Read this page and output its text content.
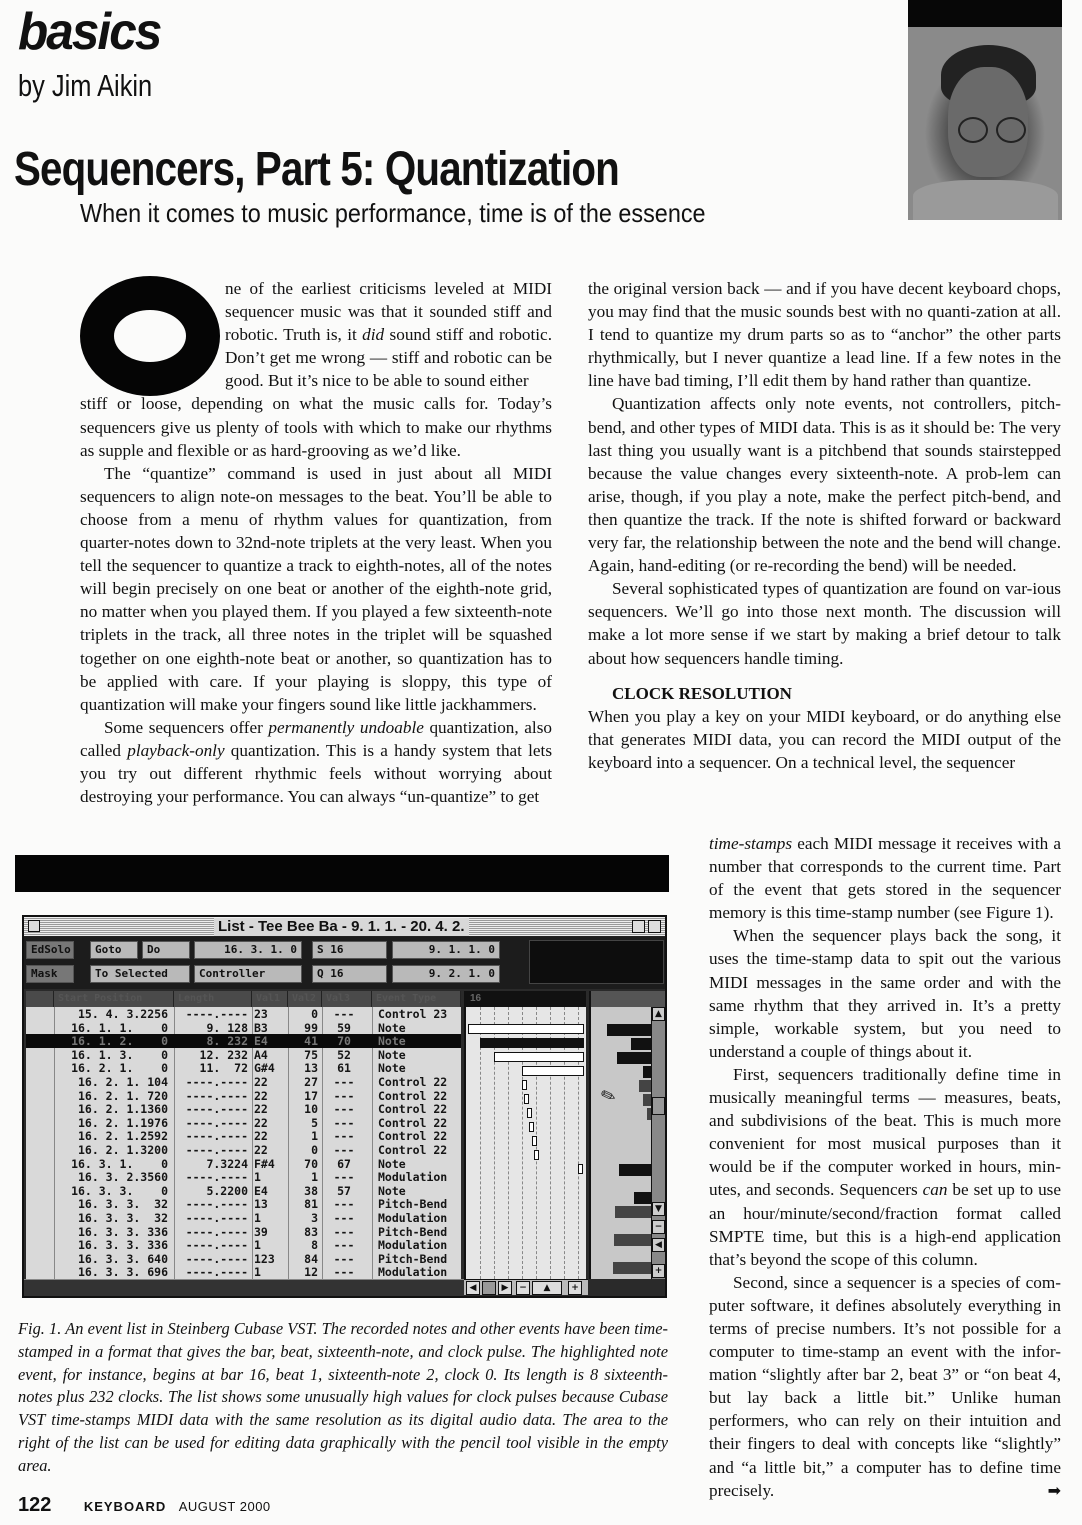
basics
by Jim Aikin
Sequencers, Part 5: Quantization
When it comes to music performance, time is of the essence

ne of the earliest criticisms leveled at MIDI sequencer music was that it sounded stiff and robotic. Truth is, it did sound stiff and robotic. Don’t get me wrong — stiff and robotic can be good. But it’s nice to be able to sound either

stiff or loose, depending on what the music calls for. Today’s sequencers give us plenty of tools with which to make our rhythms as supple and flexible or as hard-grooving as we’d like.

The “quantize” command is used in just about all MIDI sequencers to align note-on messages to the beat. You’ll be able to choose from a menu of rhythm values for quantization, from quarter-notes down to 32nd-note triplets at the very least. When you tell the sequencer to quantize a track to eighth-notes, all of the notes will begin precisely on one beat or another of the eighth-note grid, no matter when you played them. If you played a few sixteenth-note triplets in the track, all three notes in the triplet will be squashed together on one eighth-note beat or another, so quantization has to be applied with care. If your playing is sloppy, this type of quantization will make your fingers sound like little jackhammers.

Some sequencers offer permanently undoable quantization, also called playback-only quantization. This is a handy system that lets you try out different rhythmic feels without worrying about destroying your performance. You can always “un-quantize” to get

the original version back — and if you have decent keyboard chops, you may find that the music sounds best with no quanti-zation at all. I tend to quantize my drum parts so as to “anchor” the other parts rhythmically, but I never quantize a lead line. If a few notes in the line have bad timing, I’ll edit them by hand rather than quantize.

Quantization affects only note events, not controllers, pitch-bend, and other types of MIDI data. This is as it should be: The very last thing you usually want is a pitchbend that sounds stairstepped because the value changes every sixteenth-note. A prob-lem can arise, though, if you play a note, make the perfect pitch-bend, and then quantize the track. If the note is shifted forward or backward very far, the relationship between the note and the bend will change. Again, hand-editing (or re-recording the bend) will be needed.

Several sophisticated types of quantization are found on var-ious sequencers. We’ll go into those next month. The discussion will make a lot more sense if we start by making a brief detour to talk about how sequencers handle timing.

CLOCK RESOLUTION

When you play a key on your MIDI keyboard, or do anything else that generates MIDI data, you can record the MIDI output of the keyboard into a sequencer. On a technical level, the sequencer

time-stamps each MIDI message it receives with a number that corresponds to the current time. Part of the event that gets stored in the sequencer memory is this time-stamp number (see Figure 1).

When the sequencer plays back the song, it uses the time-stamp data to spit out the various MIDI messages in the same order and with the same rhythm that they arrived in. It’s a pretty simple, workable system, but you need to understand a couple of things about it.

First, sequencers traditionally define time in musically meaningful terms — measures, beats, and subdivisions of the beat. This is much more convenient for most musical purposes than it would be if the computer worked in hours, min-utes, and seconds. Sequencers can be set up to use an hour/minute/second/fraction format called SMPTE time, but this is a high-end application that’s beyond the scope of this column.

Second, since a sequencer is a species of com-puter software, it defines absolutely everything in terms of precise numbers. It’s not possible for a computer to time-stamp an event with the infor-mation “slightly after bar 2, beat 3” or “on beat 4, but lay back a little bit.” Unlike human performers, who can rely on their intuition and their fingers to deal with concepts like “slightly” and “a little bit,” a computer has to define time precisely.	➡

List - Tee Bee Ba - 9. 1. 1. - 20. 4. 2.
EdSolo
Mask
Goto	Do
To Selected
16. 3. 1. 0
Controller
S 16
Q 16
9. 1. 1. 0
9. 2. 1. 0
Start Position	Length	Val1	Val2 Val3	Event Type
15. 4. 3.2256	----.---- 23	0	---	Control 23
16. 1. 1.    0	9. 128 B3	99	59	Note
16. 1. 2.    0	8. 232 E4	41	70	Note
16. 1. 3.    0	12. 232 A4	75	52	Note
16. 2. 1.    0	11.  72 G#4	13	61	Note
16. 2. 1. 104	----.---- 22	27	---	Control 22
16. 2. 1. 720	----.---- 22	17	---	Control 22
16. 2. 1.1360	----.---- 22	10	---	Control 22
16. 2. 1.1976	----.---- 22	5	---	Control 22
16. 2. 1.2592	----.---- 22	1	---	Control 22
16. 2. 1.3200	----.---- 22	0	---	Control 22
16. 3. 1.    0	7.3224 F#4	70	67	Note
16. 3. 2.3560	----.---- 1	1	---	Modulation
16. 3. 3.    0	5.2200 E4	38	57	Note
16. 3. 3.  32	----.---- 13	81	---	Pitch-Bend
16. 3. 3.  32	----.---- 1	3	---	Modulation
16. 3. 3. 336	----.---- 39	83	---	Pitch-Bend
16. 3. 3. 336	----.---- 1	8	---	Modulation
16. 3. 3. 640	----.---- 123	84	---	Pitch-Bend
16. 3. 3. 696	----.---- 1	12	---	Modulation
16
✎
▲
▼
−
◀
+
◀	▶	−	▲	+
Fig. 1. An event list in Steinberg Cubase VST. The recorded notes and other events have been time-stamped in a format that gives the bar, beat, sixteenth-note, and clock pulse. The highlighted note event, for instance, begins at bar 16, beat 1, sixteenth-note 2, clock 0. Its length is 8 sixteenth-notes plus 232 clocks. The list shows some unusually high values for clock pulses because Cubase VST time-stamps MIDI data with the same resolution as its digital audio data. The area to the right of the list can be used for editing data graphically with the pencil tool visible in the empty area.
122 KEYBOARD AUGUST 2000
